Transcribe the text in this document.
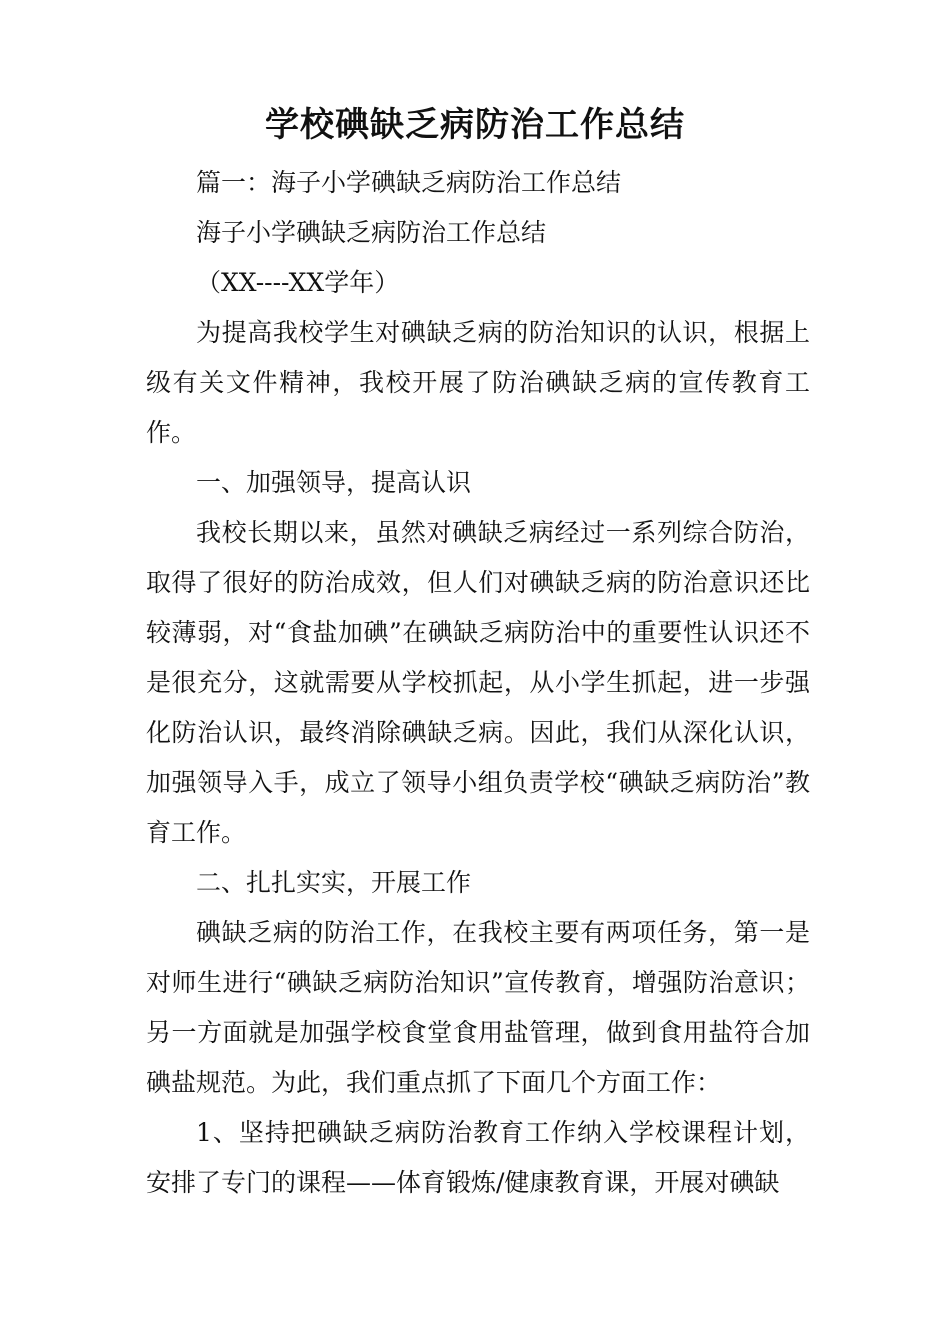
学校碘缺乏病防治工作总结

篇一：海子小学碘缺乏病防治工作总结

海子小学碘缺乏病防治工作总结

（XX----XX学年）

为提高我校学生对碘缺乏病的防治知识的认识，根据上级有关文件精神，我校开展了防治碘缺乏病的宣传教育工作。

一、加强领导，提高认识

我校长期以来，虽然对碘缺乏病经过一系列综合防治，取得了很好的防治成效，但人们对碘缺乏病的防治意识还比较薄弱，对“食盐加碘”在碘缺乏病防治中的重要性认识还不是很充分，这就需要从学校抓起，从小学生抓起，进一步强化防治认识，最终消除碘缺乏病。因此，我们从深化认识，加强领导入手，成立了领导小组负责学校“碘缺乏病防治”教育工作。

二、扎扎实实，开展工作

碘缺乏病的防治工作，在我校主要有两项任务，第一是对师生进行“碘缺乏病防治知识”宣传教育，增强防治意识；另一方面就是加强学校食堂食用盐管理，做到食用盐符合加碘盐规范。为此，我们重点抓了下面几个方面工作：

1、坚持把碘缺乏病防治教育工作纳入学校课程计划，安排了专门的课程——体育锻炼/健康教育课，开展对碘缺
